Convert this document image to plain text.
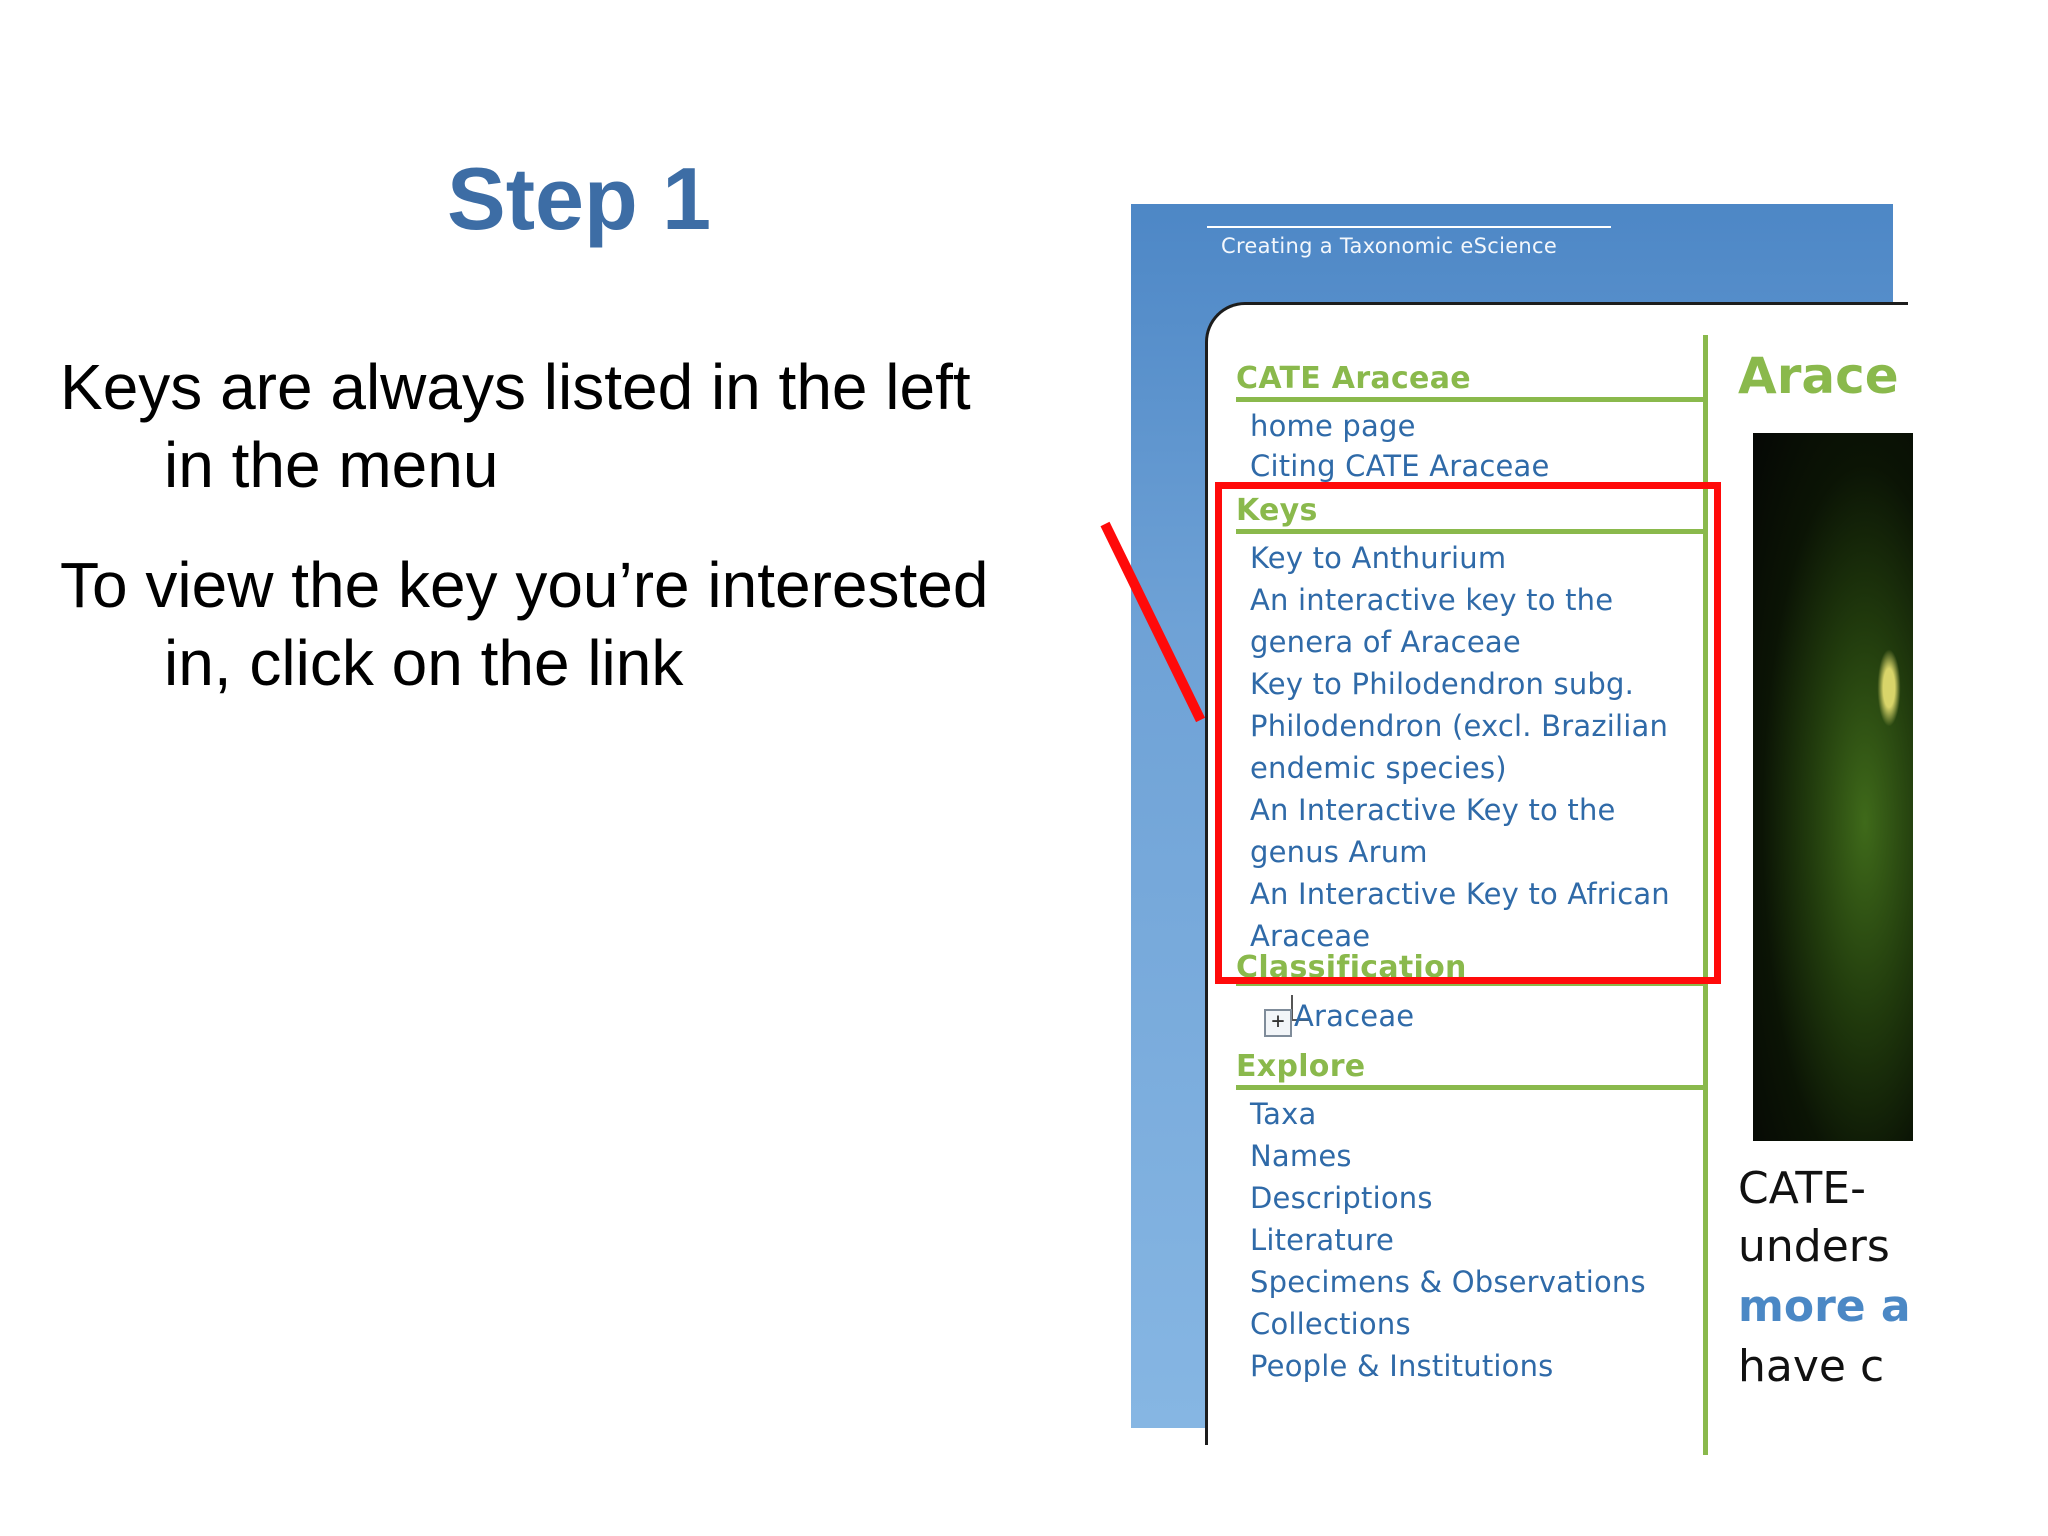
Step 1

Keys are always listed in the left
in the menu

To view the key you’re interested
in, click on the link

Creating a Taxonomic eScience
CATE Araceae
home page
Citing CATE Araceae
Keys
Key to Anthurium
An interactive key to the
genera of Araceae
Key to Philodendron subg.
Philodendron (excl. Brazilian
endemic species)
An Interactive Key to the
genus Arum
An Interactive Key to African
Araceae
Classification
+ Araceae
Explore
Taxa
Names
Descriptions
Literature
Specimens & Observations
Collections
People & Institutions
Arace
CATE-
unders
more a
have c
